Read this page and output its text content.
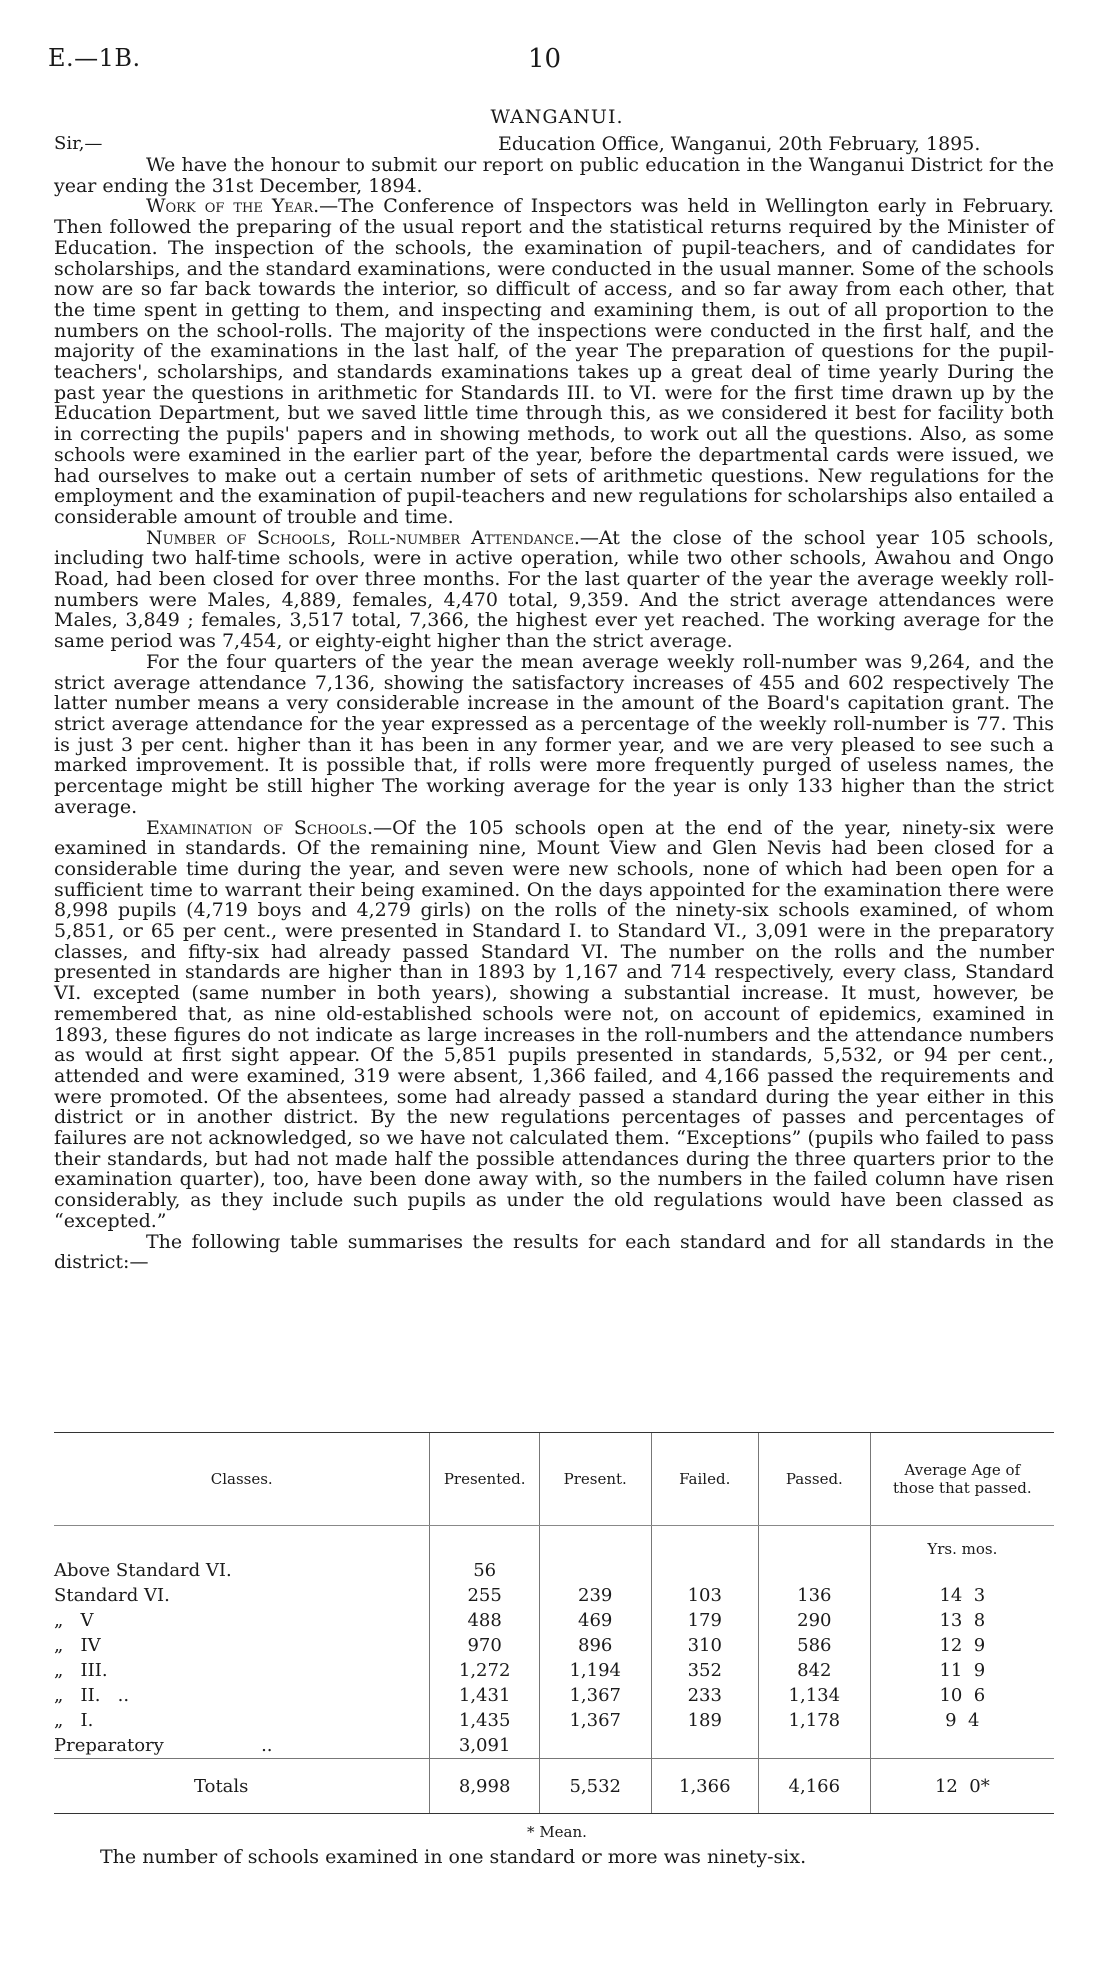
E.—1B.	10
WANGANUI.
Sir,—	Education Office, Wanganui, 20th February, 1895.

We have the honour to submit our report on public education in the Wanganui District for the year ending the 31st December, 1894.

Work of the Year.—The Conference of Inspectors was held in Wellington early in February. Then followed the preparing of the usual report and the statistical returns required by the Minister of Education. The inspection of the schools, the examination of pupil-teachers, and of candidates for scholarships, and the standard examinations, were conducted in the usual manner. Some of the schools now are so far back towards the interior, so difficult of access, and so far away from each other, that the time spent in getting to them, and inspecting and examining them, is out of all proportion to the numbers on the school-rolls. The majority of the inspections were conducted in the first half, and the majority of the examinations in the last half, of the year The preparation of questions for the pupil-teachers', scholarships, and standards examinations takes up a great deal of time yearly During the past year the questions in arithmetic for Standards III. to VI. were for the first time drawn up by the Education Department, but we saved little time through this, as we considered it best for facility both in correcting the pupils' papers and in showing methods, to work out all the questions. Also, as some schools were examined in the earlier part of the year, before the departmental cards were issued, we had ourselves to make out a certain number of sets of arithmetic questions. New regulations for the employment and the examination of pupil-teachers and new regulations for scholarships also entailed a considerable amount of trouble and time.

Number of Schools, Roll-number Attendance.—At the close of the school year 105 schools, including two half-time schools, were in active operation, while two other schools, Awahou and Ongo Road, had been closed for over three months. For the last quarter of the year the average weekly roll-numbers were Males, 4,889, females, 4,470 total, 9,359. And the strict average attendances were Males, 3,849 ; females, 3,517 total, 7,366, the highest ever yet reached. The working average for the same period was 7,454, or eighty-eight higher than the strict average.

For the four quarters of the year the mean average weekly roll-number was 9,264, and the strict average attendance 7,136, showing the satisfactory increases of 455 and 602 respectively The latter number means a very considerable increase in the amount of the Board's capitation grant. The strict average attendance for the year expressed as a percentage of the weekly roll-number is 77. This is just 3 per cent. higher than it has been in any former year, and we are very pleased to see such a marked improvement. It is possible that, if rolls were more frequently purged of useless names, the percentage might be still higher The working average for the year is only 133 higher than the strict average.

Examination of Schools.—Of the 105 schools open at the end of the year, ninety-six were examined in standards. Of the remaining nine, Mount View and Glen Nevis had been closed for a considerable time during the year, and seven were new schools, none of which had been open for a sufficient time to warrant their being examined. On the days appointed for the examination there were 8,998 pupils (4,719 boys and 4,279 girls) on the rolls of the ninety-six schools examined, of whom 5,851, or 65 per cent., were presented in Standard I. to Standard VI., 3,091 were in the preparatory classes, and fifty-six had already passed Standard VI. The number on the rolls and the number presented in standards are higher than in 1893 by 1,167 and 714 respectively, every class, Standard VI. excepted (same number in both years), showing a substantial increase. It must, however, be remembered that, as nine old-established schools were not, on account of epidemics, examined in 1893, these figures do not indicate as large increases in the roll-numbers and the attendance numbers as would at first sight appear. Of the 5,851 pupils presented in standards, 5,532, or 94 per cent., attended and were examined, 319 were absent, 1,366 failed, and 4,166 passed the requirements and were promoted. Of the absentees, some had already passed a standard during the year either in this district or in another district. By the new regulations percentages of passes and percentages of failures are not acknowledged, so we have not calculated them. “Exceptions” (pupils who failed to pass their standards, but had not made half the possible attendances during the three quarters prior to the examination quarter), too, have been done away with, so the numbers in the failed column have risen considerably, as they include such pupils as under the old regulations would have been classed as “excepted.”

The following table summarises the results for each standard and for all standards in the district:—

Classes.	Presented.	Present.	Failed.	Passed.	Average Age of those that passed.
					Yrs. mos.
Above Standard VI.	56				
Standard VI.	255	239	103	136	14  3
„   V	488	469	179	290	13  8
„   IV	970	896	310	586	12  9
„   III.	1,272	1,194	352	842	11  9
„   II.   ..	1,431	1,367	233	1,134	10  6
„   I.	1,435	1,367	189	1,178	9  4
Preparatory                 ..	3,091				
Totals	8,998	5,532	1,366	4,166	12  0*
* Mean.
The number of schools examined in one standard or more was ninety-six.
